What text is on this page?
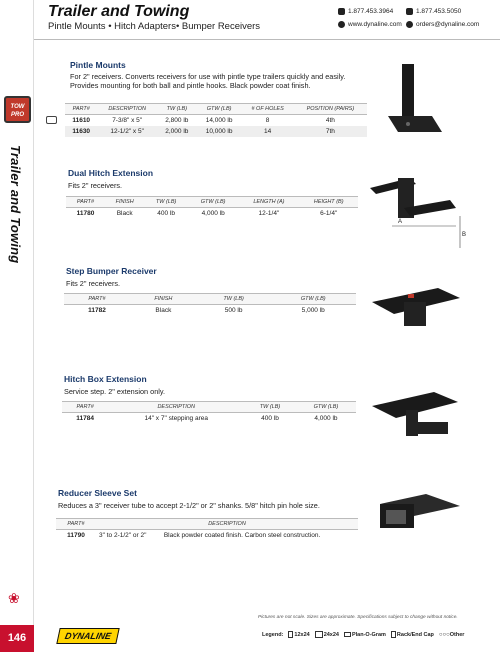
TOW PRO
Trailer and Towing
❀
Trailer and Towing
Pintle Mounts • Hitch Adapters• Bumper Receivers
1.877.453.3964
www.dynaline.com
1.877.453.5050
orders@dynaline.com
Pintle Mounts
For 2" receivers. Converts receivers for use with pintle type trailers quickly and easily. Provides mounting for both ball and pintle hooks. Black powder coat finish.
PART#	DESCRIPTION	TW (LB)	GTW (LB)	# OF HOLES	POSITION (PAIRS)
11610	7-3/8" x 5"	2,800 lb	14,000 lb	8	4th
11630	12-1/2" x 5"	2,000 lb	10,000 lb	14	7th
Dual Hitch Extension
Fits 2" receivers.
PART#	FINISH	TW (LB)	GTW (LB)	LENGTH (A)	HEIGHT (B)
11780	Black	400 lb	4,000 lb	12-1/4"	6-1/4"
A
B
Step Bumper Receiver
Fits 2" receivers.
PART#	FINISH	TW (LB)	GTW (LB)
11782	Black	500 lb	5,000 lb
Hitch Box Extension
Service step. 2" extension only.
PART#	DESCRIPTION	TW (LB)	GTW (LB)
11784	14" x 7" stepping area	400 lb	4,000 lb
Reducer Sleeve Set
Reduces a 3" receiver tube to accept 2-1/2" or 2" shanks. 5/8" hitch pin hole size.
PART#	DESCRIPTION	
11790	3" to 2-1/2" or 2"	Black powder coated finish. Carbon steel construction.
Pictures are not scale. Sizes are approximate. Specifications subject to change without notice.
146	DYNALINE	Legend:	12x24	24x24	Plan-O-Gram	Rack/End Cap ○○○Other
